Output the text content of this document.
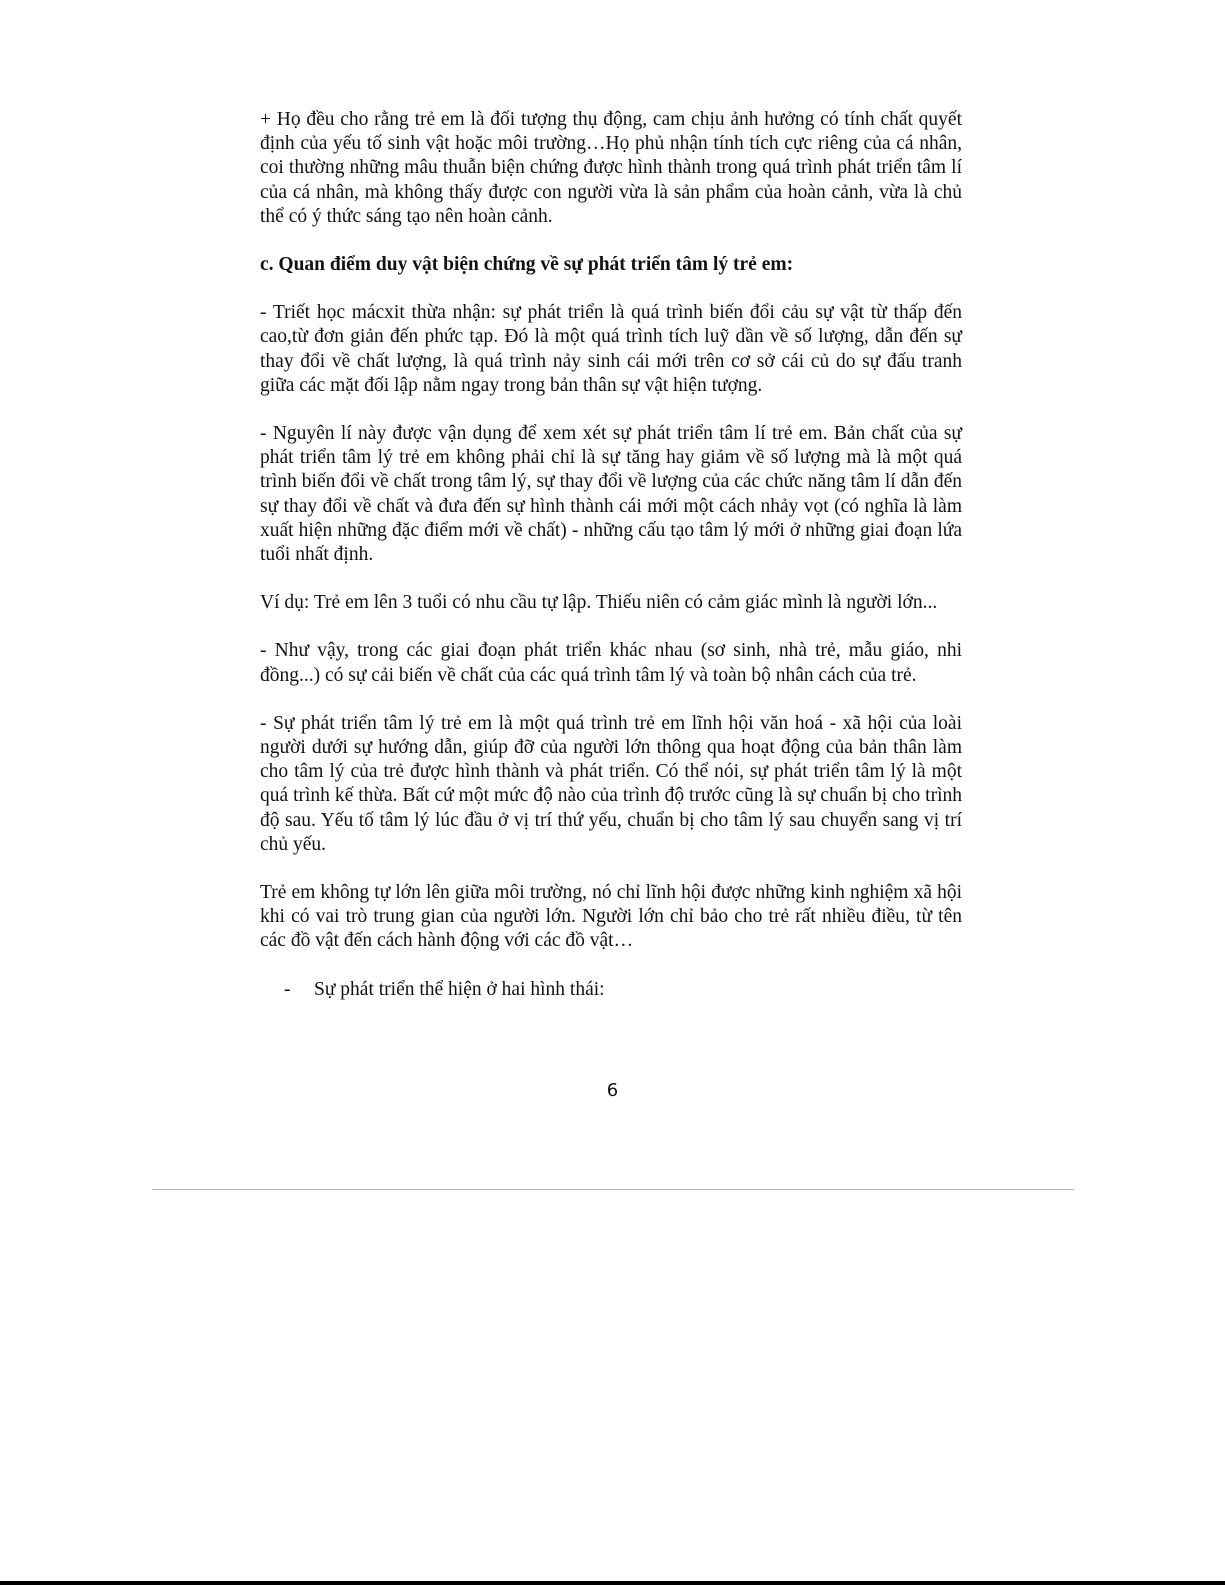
+ Họ đều cho rằng trẻ em là đối tượng thụ động, cam chịu ảnh hưởng có tính chất quyết định của yếu tố sinh vật hoặc môi trường…Họ phủ nhận tính tích cực riêng của cá nhân, coi thường những mâu thuẫn biện chứng được hình thành trong quá trình phát triển tâm lí của cá nhân, mà không thấy được con người vừa là sản phẩm của hoàn cảnh, vừa là chủ thể có ý thức sáng tạo nên hoàn cảnh.

c. Quan điểm duy vật biện chứng về sự phát triển tâm lý trẻ em:

- Triết học mácxit thừa nhận: sự phát triển là quá trình biến đổi cảu sự vật từ thấp đến cao,từ đơn giản đến phức tạp. Đó là một quá trình tích luỹ dần về số lượng, dẫn đến sự thay đổi về chất lượng, là quá trình nảy sinh cái mới trên cơ sở cái củ do sự đấu tranh giữa các mặt đối lập nằm ngay trong bản thân sự vật hiện tượng.

- Nguyên lí này được vận dụng để xem xét sự phát triển tâm lí trẻ em. Bản chất của sự phát triển tâm lý trẻ em không phải chỉ là sự tăng hay giảm về số lượng mà là một quá trình biến đổi về chất trong tâm lý, sự thay đổi về lượng của các chức năng tâm lí dẫn đến sự thay đổi về chất và đưa đến sự hình thành cái mới một cách nhảy vọt (có nghĩa là làm xuất hiện những đặc điểm mới về chất) - những cấu tạo tâm lý mới ở những giai đoạn lứa tuổi nhất định.

Ví dụ: Trẻ em lên 3 tuổi có nhu cầu tự lập. Thiếu niên có cảm giác mình là người lớn...

- Như vậy, trong các giai đoạn phát triển khác nhau (sơ sinh, nhà trẻ, mẫu giáo, nhi đồng...) có sự cải biến về chất của các quá trình tâm lý và toàn bộ nhân cách của trẻ.

- Sự phát triển tâm lý trẻ em là một quá trình trẻ em lĩnh hội văn hoá - xã hội của loài người dưới sự hướng dẫn, giúp đỡ của người lớn thông qua hoạt động của bản thân làm cho tâm lý của trẻ được hình thành và phát triển. Có thể nói, sự phát triển tâm lý là một quá trình kế thừa. Bất cứ một mức độ nào của trình độ trước cũng là sự chuẩn bị cho trình độ sau. Yếu tố tâm lý lúc đầu ở vị trí thứ yếu, chuẩn bị cho tâm lý sau chuyển sang vị trí chủ yếu.

Trẻ em không tự lớn lên giữa môi trường, nó chỉ lĩnh hội được những kinh nghiệm xã hội khi có vai trò trung gian của người lớn. Người lớn chỉ bảo cho trẻ rất nhiều điều, từ tên các đồ vật đến cách hành động với các đồ vật…

- Sự phát triển thể hiện ở hai hình thái:

6
